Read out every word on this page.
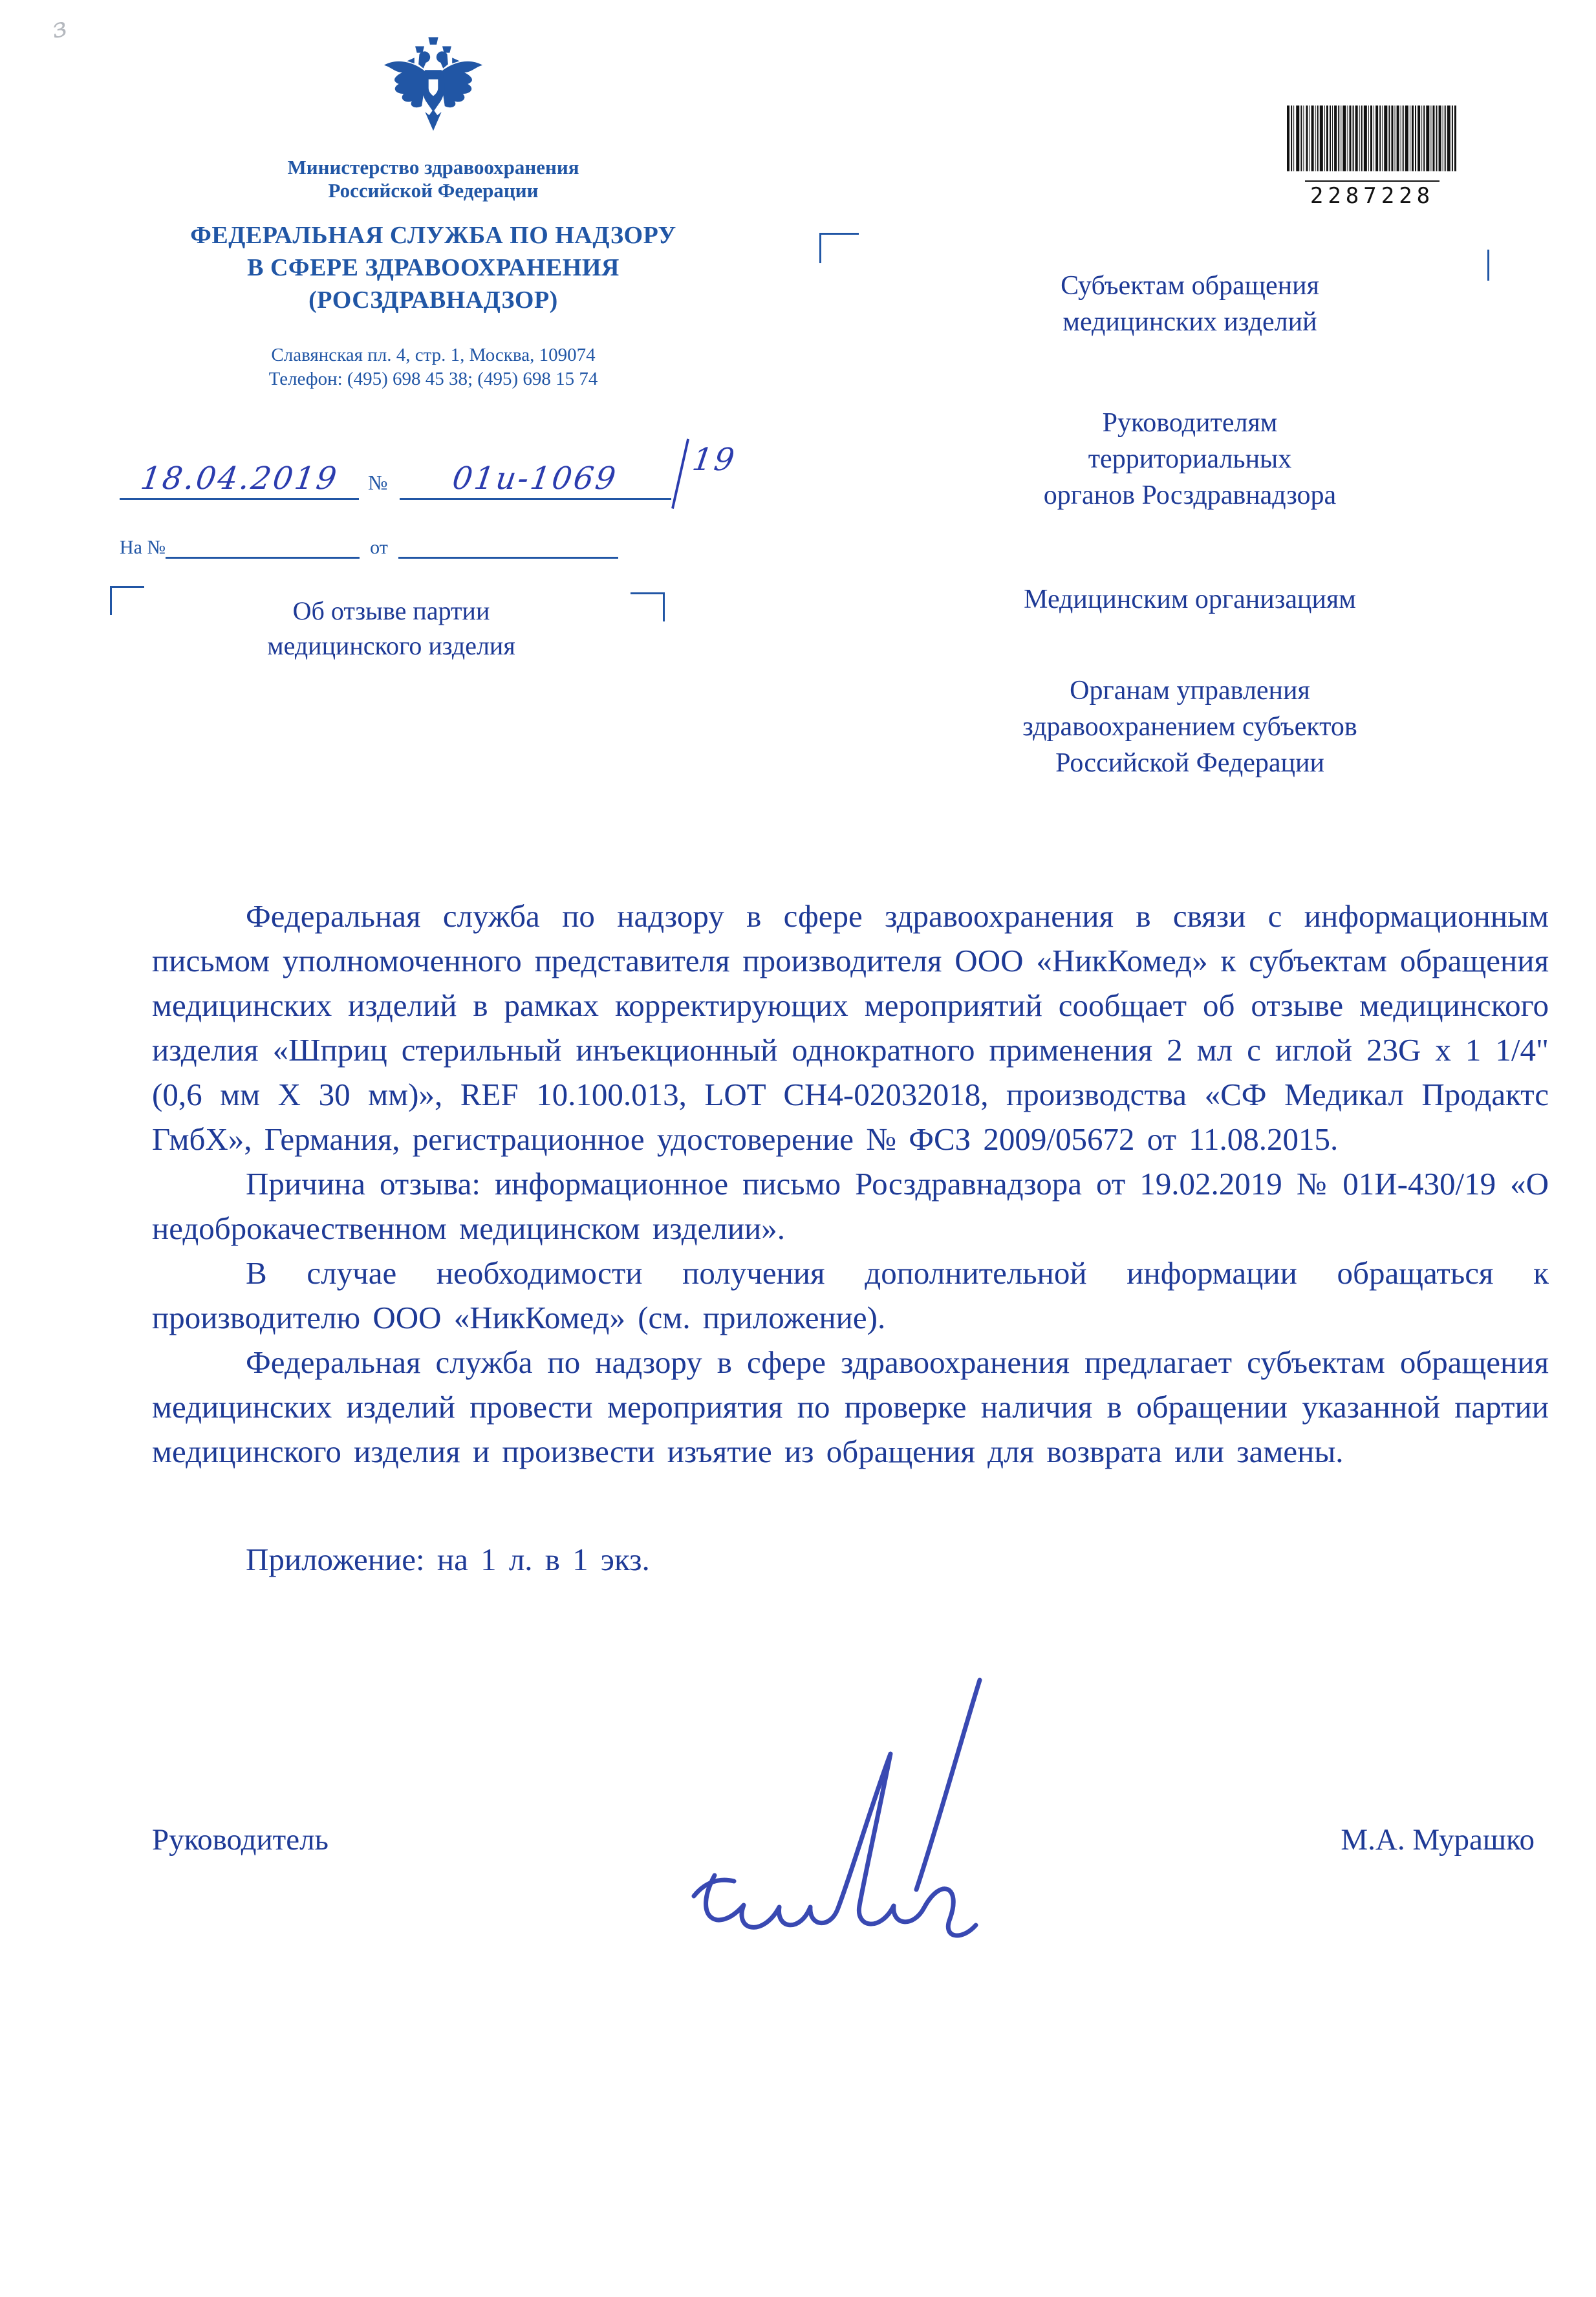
з
Министерство здравоохранения
Российской Федерации
ФЕДЕРАЛЬНАЯ СЛУЖБА ПО НАДЗОРУ
В СФЕРЕ ЗДРАВООХРАНЕНИЯ
(РОСЗДРАВНАДЗОР)
Славянская пл. 4, стр. 1, Москва, 109074
Телефон: (495) 698 45 38; (495) 698 15 74
18.04.2019 № 01и-1069 /19
На №	от
Об отзыве партии
медицинского изделия
2287228
Субъектам обращения
медицинских изделий
Руководителям
территориальных
органов Росздравнадзора
Медицинским организациям
Органам управления
здравоохранением субъектов
Российской Федерации

Федеральная служба по надзору в сфере здравоохранения в связи с информационным письмом уполномоченного представителя производителя ООО «НикКомед» к субъектам обращения медицинских изделий в рамках корректирующих мероприятий сообщает об отзыве медицинского изделия «Шприц стерильный инъекционный однократного применения 2 мл с иглой 23G x 1 1/4" (0,6 мм X 30 мм)», REF 10.100.013, LOT CH4-02032018, производства «СФ Медикал Продактс ГмбХ», Германия, регистрационное удостоверение № ФСЗ 2009/05672 от 11.08.2015.

Причина отзыва: информационное письмо Росздравнадзора от 19.02.2019 № 01И-430/19 «О недоброкачественном медицинском изделии».

В случае необходимости получения дополнительной информации обращаться к производителю ООО «НикКомед» (см. приложение).

Федеральная служба по надзору в сфере здравоохранения предлагает субъектам обращения медицинских изделий провести мероприятия по проверке наличия в обращении указанной партии медицинского изделия и произвести изъятие из обращения для возврата или замены.

Приложение: на 1 л. в 1 экз.

Руководитель	М.А. Мурашко
